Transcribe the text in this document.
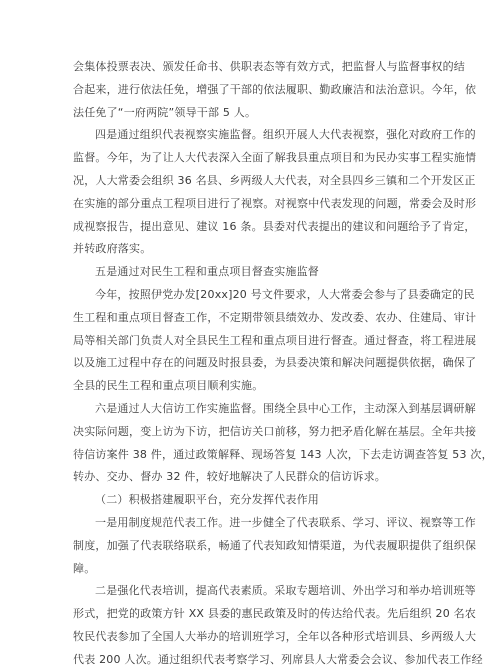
会集体投票表决、颁发任命书、供职表态等有效方式，把监督人与监督事权的结
合起来，进行依法任免，增强了干部的依法履职、勤政廉洁和法治意识。今年，依
法任免了“一府两院”领导干部 5 人。
四是通过组织代表视察实施监督。组织开展人大代表视察，强化对政府工作的
监督。今年，为了让人大代表深入全面了解我县重点项目和为民办实事工程实施情
况，人大常委会组织 36 名县、乡两级人大代表，对全县四乡三镇和二个开发区正
在实施的部分重点工程项目进行了视察。对视察中代表发现的问题，常委会及时形
成视察报告，提出意见、建议 16 条。县委对代表提出的建议和问题给予了肯定，
并转政府落实。
五是通过对民生工程和重点项目督查实施监督
今年，按照伊党办发[20xx]20 号文件要求，人大常委会参与了县委确定的民
生工程和重点项目督查工作，不定期带领县绩效办、发改委、农办、住建局、审计
局等相关部门负责人对全县民生工程和重点项目进行督查。通过督查，将工程进展
以及施工过程中存在的问题及时报县委，为县委决策和解决问题提供依据，确保了
全县的民生工程和重点项目顺利实施。
六是通过人大信访工作实施监督。围绕全县中心工作，主动深入到基层调研解
决实际问题，变上访为下访，把信访关口前移，努力把矛盾化解在基层。全年共接
待信访案件 38 件，通过政策解释、现场答复 143 人次，下去走访调查答复 53 次，
转办、交办、督办 32 件，较好地解决了人民群众的信访诉求。
（二）积极搭建履职平台，充分发挥代表作用
一是用制度规范代表工作。进一步健全了代表联系、学习、评议、视察等工作
制度，加强了代表联络联系，畅通了代表知政知情渠道，为代表履职提供了组织保
障。
二是强化代表培训，提高代表素质。采取专题培训、外出学习和举办培训班等
形式，把党的政策方针 XX 县委的惠民政策及时的传达给代表。先后组织 20 名农
牧民代表参加了全国人大举办的培训班学习，全年以各种形式培训县、乡两级人大
代表 200 人次。通过组织代表考察学习、列席县人大常委会会议、参加代表工作经
